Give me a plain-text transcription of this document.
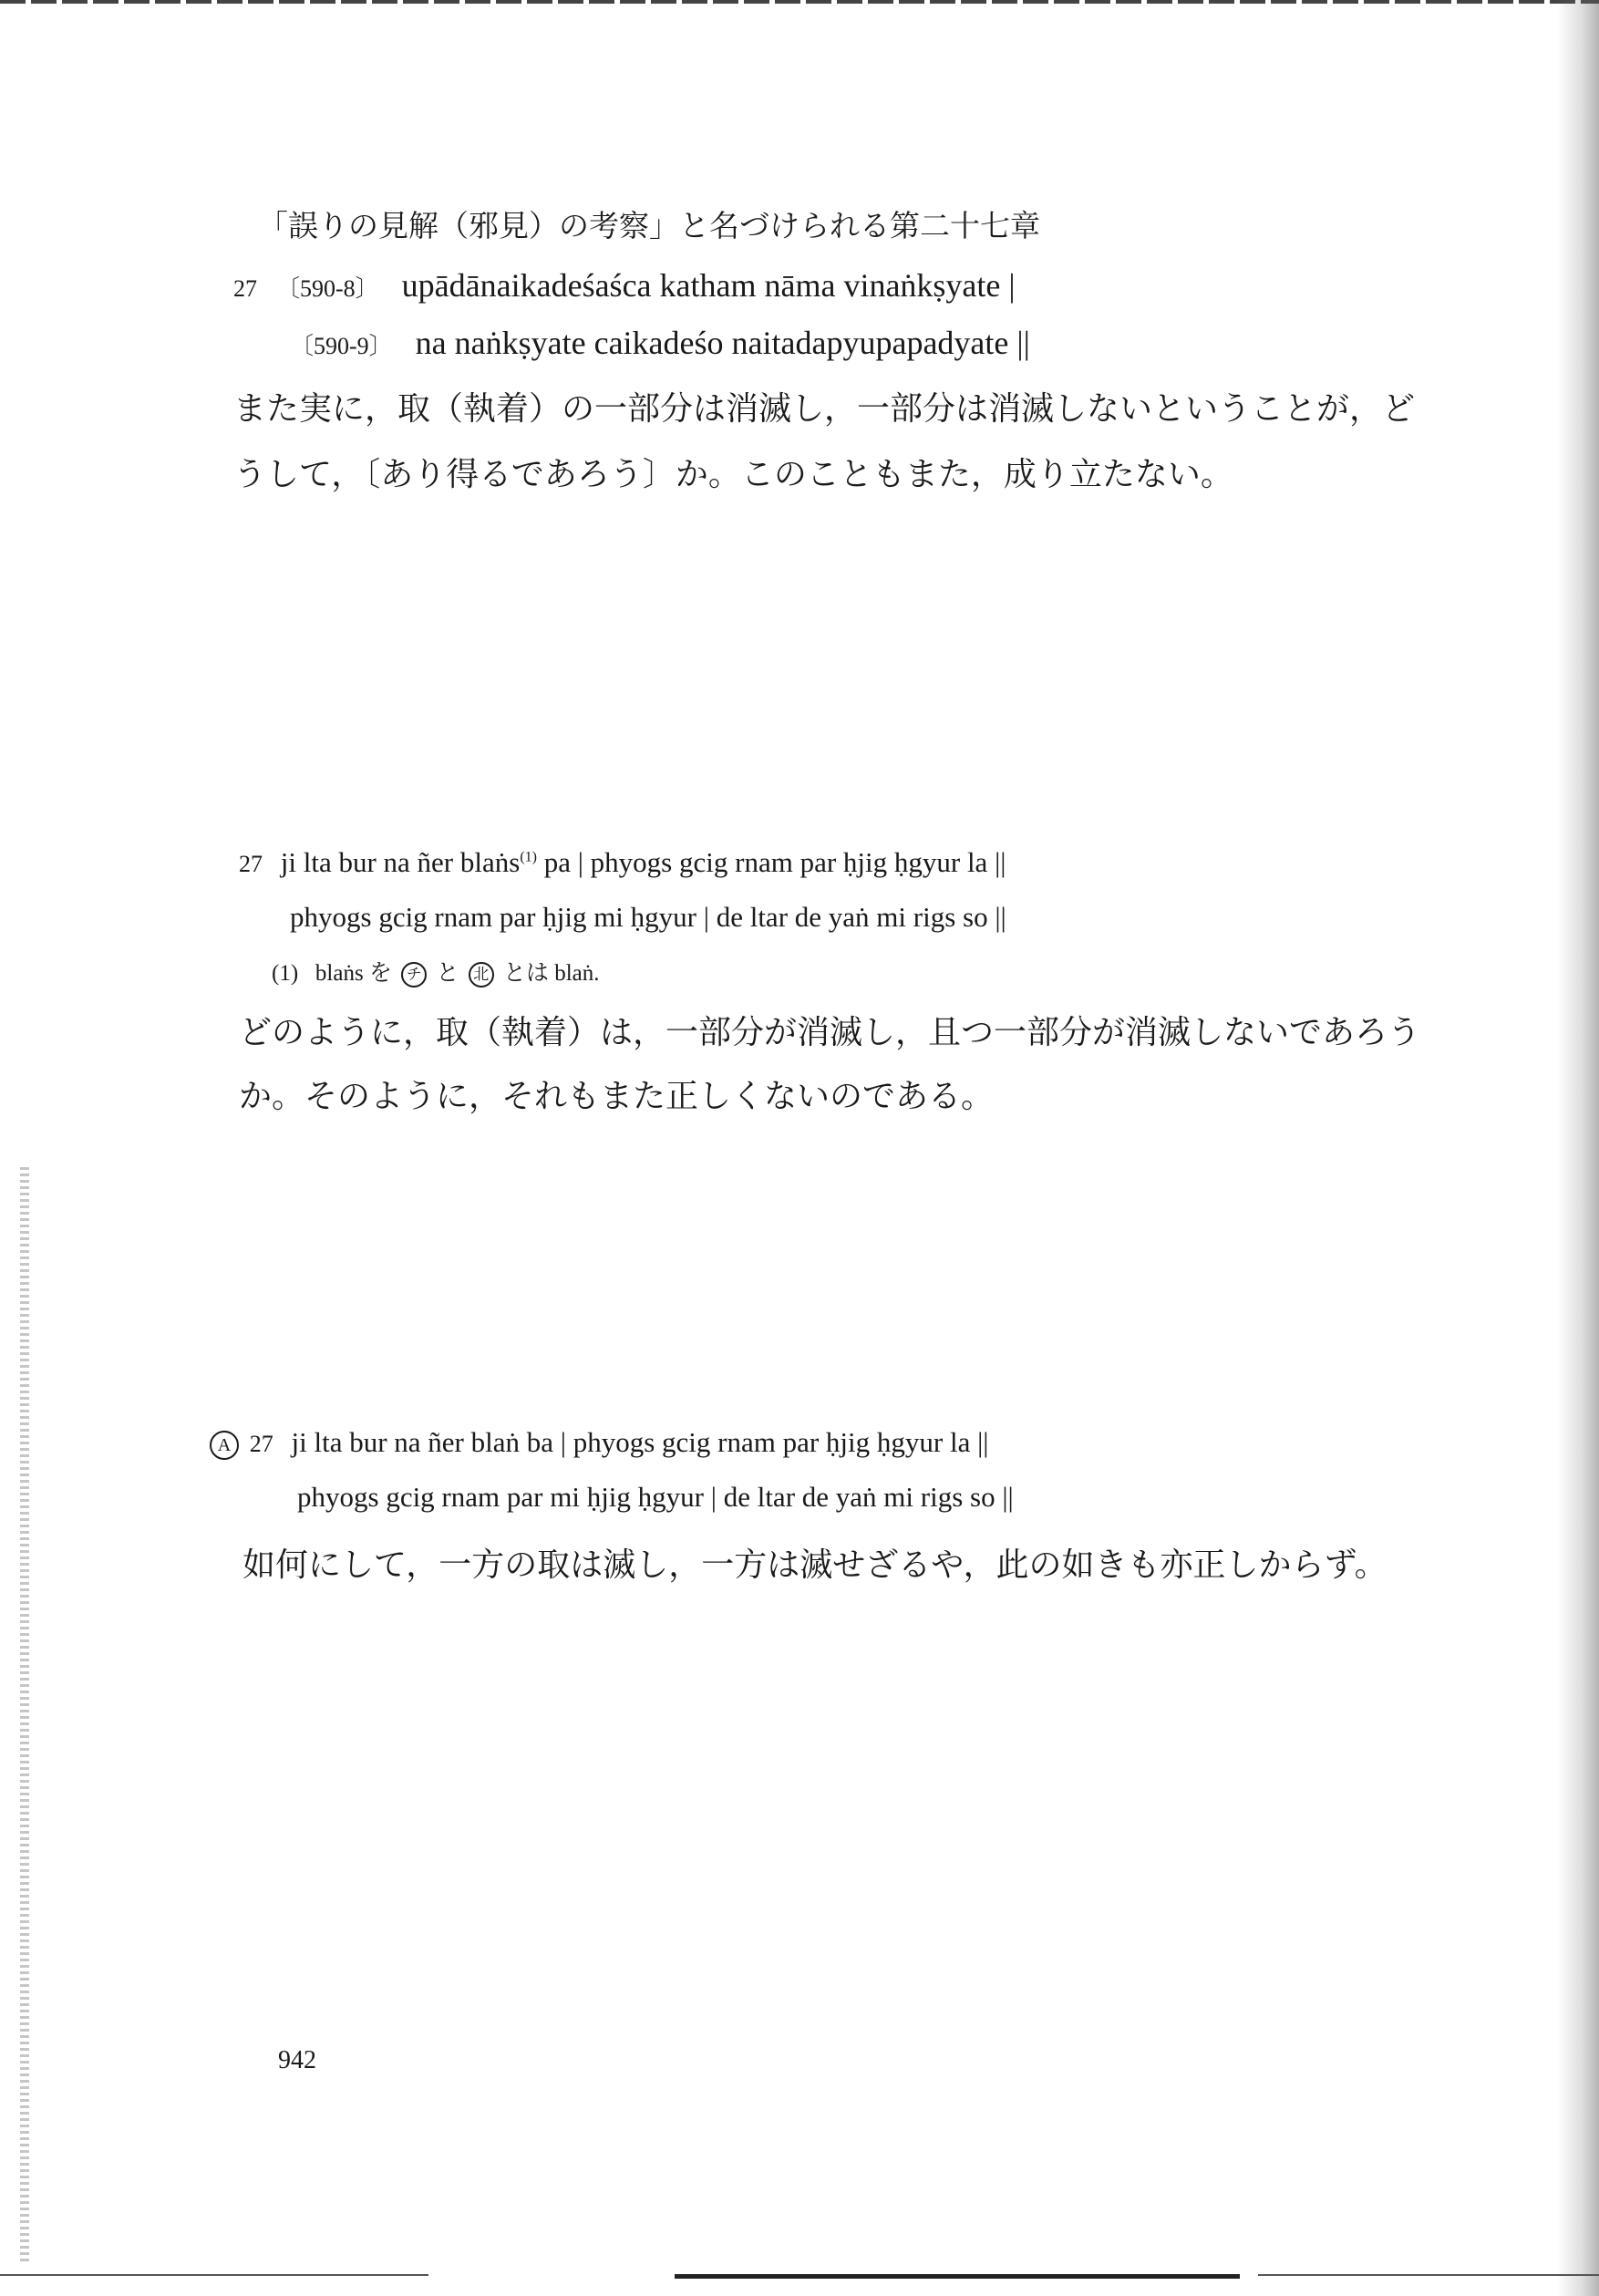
「誤りの見解（邪見）の考察」と名づけられる第二十七章
27 〔590-8〕 upādānaikadeśaśca katham nāma vinaṅkṣyate |
〔590-9〕 na naṅkṣyate caikadeśo naitadapyupapadyate ||
また実に，取（執着）の一部分は消滅し，一部分は消滅しないということが，ど
うして，〔あり得るであろう〕か。このこともまた，成り立たない。
27 ji lta bur na ñer blaṅs$^{(1)}$ pa | phyogs gcig rnam par ḥjig ḥgyur la ||
phyogs gcig rnam par ḥjig mi ḥgyur | de ltar de yaṅ mi rigs so ||
(1) blaṅs を チ と 北 とは blaṅ.
どのように，取（執着）は，一部分が消滅し，且つ一部分が消滅しないであろう
か。そのように，それもまた正しくないのである。
A 27 ji lta bur na ñer blaṅ ba | phyogs gcig rnam par ḥjig ḥgyur la ||
phyogs gcig rnam par mi ḥjig ḥgyur | de ltar de yaṅ mi rigs so ||
如何にして，一方の取は滅し，一方は滅せざるや，此の如きも亦正しからず。
942
